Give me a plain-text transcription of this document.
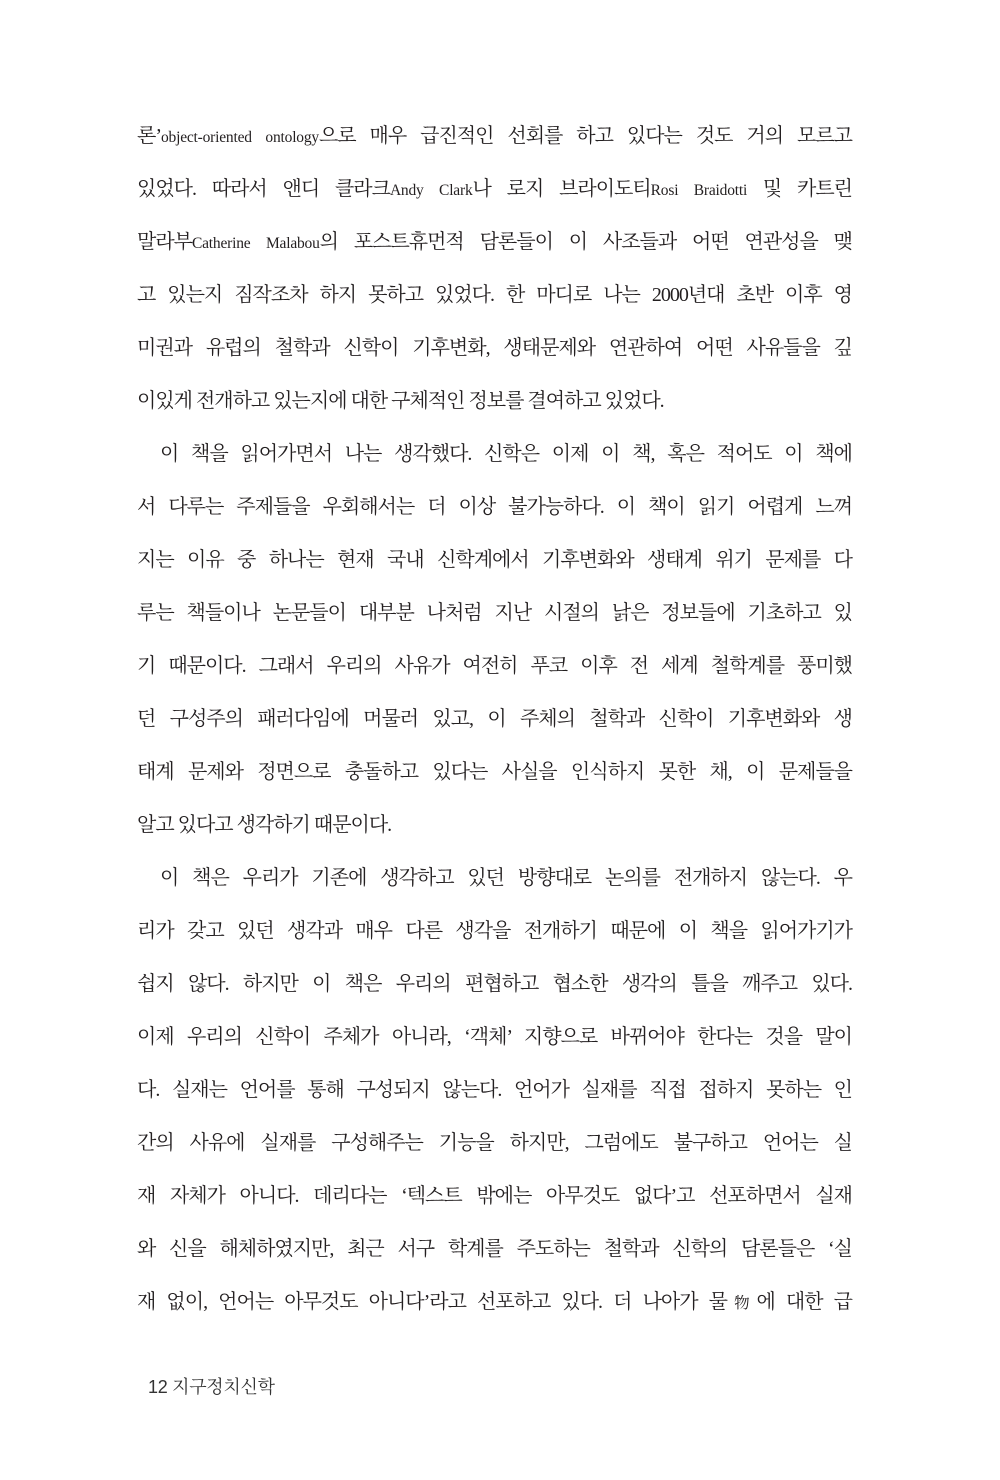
론’object-oriented ontology으로 매우 급진적인 선회를 하고 있다는 것도 거의 모르고
있었다. 따라서 앤디 클라크Andy Clark나 로지 브라이도티Rosi Braidotti 및 카트린
말라부Catherine Malabou의 포스트휴먼적 담론들이 이 사조들과 어떤 연관성을 맺
고 있는지 짐작조차 하지 못하고 있었다. 한 마디로 나는 2000년대 초반 이후 영
미권과 유럽의 철학과 신학이 기후변화, 생태문제와 연관하여 어떤 사유들을 깊
이있게 전개하고 있는지에 대한 구체적인 정보를 결여하고 있었다.
이 책을 읽어가면서 나는 생각했다. 신학은 이제 이 책, 혹은 적어도 이 책에
서 다루는 주제들을 우회해서는 더 이상 불가능하다. 이 책이 읽기 어렵게 느껴
지는 이유 중 하나는 현재 국내 신학계에서 기후변화와 생태계 위기 문제를 다
루는 책들이나 논문들이 대부분 나처럼 지난 시절의 낡은 정보들에 기초하고 있
기 때문이다. 그래서 우리의 사유가 여전히 푸코 이후 전 세계 철학계를 풍미했
던 구성주의 패러다임에 머물러 있고, 이 주체의 철학과 신학이 기후변화와 생
태계 문제와 정면으로 충돌하고 있다는 사실을 인식하지 못한 채, 이 문제들을
알고 있다고 생각하기 때문이다.
이 책은 우리가 기존에 생각하고 있던 방향대로 논의를 전개하지 않는다. 우
리가 갖고 있던 생각과 매우 다른 생각을 전개하기 때문에 이 책을 읽어가기가
쉽지 않다. 하지만 이 책은 우리의 편협하고 협소한 생각의 틀을 깨주고 있다.
이제 우리의 신학이 주체가 아니라, ‘객체’ 지향으로 바뀌어야 한다는 것을 말이
다. 실재는 언어를 통해 구성되지 않는다. 언어가 실재를 직접 접하지 못하는 인
간의 사유에 실재를 구성해주는 기능을 하지만, 그럼에도 불구하고 언어는 실
재 자체가 아니다. 데리다는 ‘텍스트 밖에는 아무것도 없다’고 선포하면서 실재
와 신을 해체하였지만, 최근 서구 학계를 주도하는 철학과 신학의 담론들은 ‘실
재 없이, 언어는 아무것도 아니다’라고 선포하고 있다. 더 나아가 물物에 대한 급
12 지구정치신학
